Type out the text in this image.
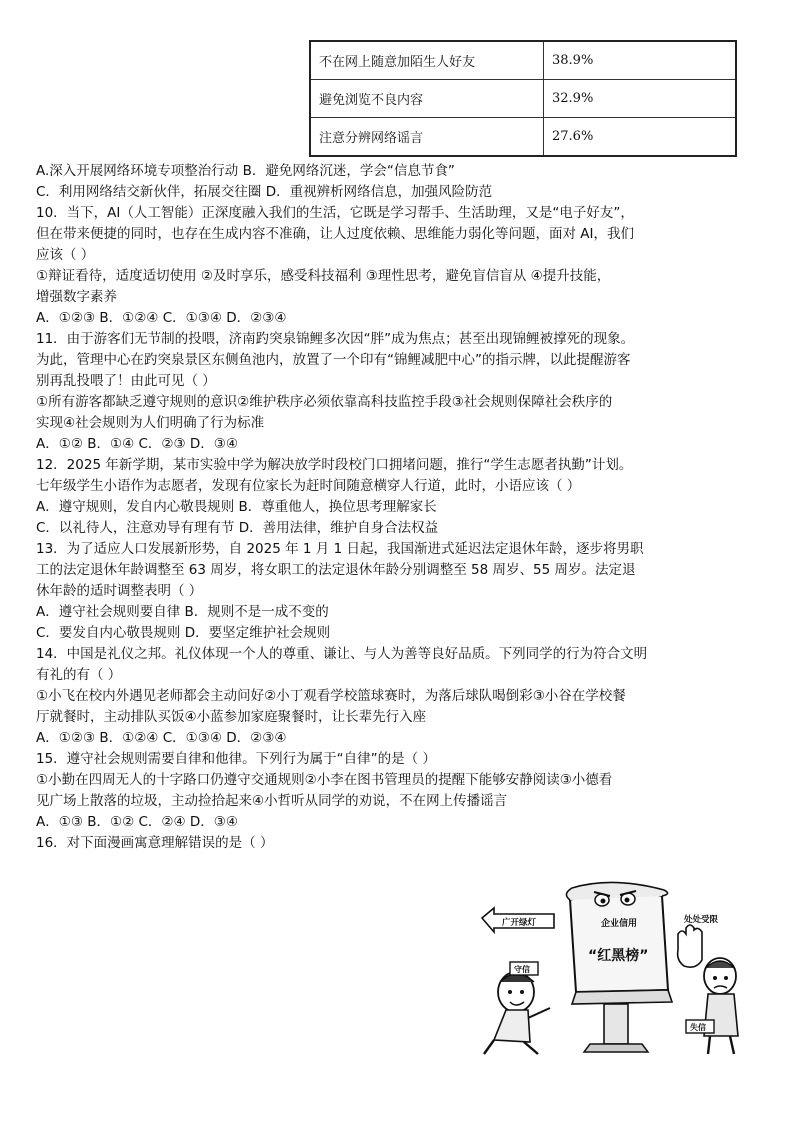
不在网上随意加陌生人好友	38.9%
避免浏览不良内容	32.9%
注意分辨网络谣言	27.6%

A.深入开展网络环境专项整治行动 B．避免网络沉迷，学会“信息节食”

C．利用网络结交新伙伴，拓展交往圈 D．重视辨析网络信息，加强风险防范

10．当下，AI（人工智能）正深度融入我们的生活，它既是学习帮手、生活助理，又是“电子好友”，

但在带来便捷的同时，也存在生成内容不准确，让人过度依赖、思维能力弱化等问题，面对 AI，我们

应该（ ）

①辩证看待，适度适切使用 ②及时享乐，感受科技福利 ③理性思考，避免盲信盲从 ④提升技能，

增强数字素养

A．①②③ B．①②④ C．①③④ D．②③④

11．由于游客们无节制的投喂，济南趵突泉锦鲤多次因“胖”成为焦点；甚至出现锦鲤被撑死的现象。

为此，管理中心在趵突泉景区东侧鱼池内，放置了一个印有“锦鲤减肥中心”的指示牌，以此提醒游客

别再乱投喂了！由此可见（ ）

①所有游客都缺乏遵守规则的意识②维护秩序必须依靠高科技监控手段③社会规则保障社会秩序的

实现④社会规则为人们明确了行为标准

A．①② B．①④ C．②③ D．③④

12．2025 年新学期，某市实验中学为解决放学时段校门口拥堵问题，推行“学生志愿者执勤”计划。

七年级学生小语作为志愿者，发现有位家长为赶时间随意横穿人行道，此时，小语应该（ ）

A．遵守规则，发自内心敬畏规则 B．尊重他人，换位思考理解家长

C．以礼待人，注意劝导有理有节 D．善用法律，维护自身合法权益

13．为了适应人口发展新形势，自 2025 年 1 月 1 日起，我国渐进式延迟法定退休年龄，逐步将男职

工的法定退休年龄调整至 63 周岁，将女职工的法定退休年龄分别调整至 58 周岁、55 周岁。法定退

休年龄的适时调整表明（ ）

A．遵守社会规则要自律 B．规则不是一成不变的

C．要发自内心敬畏规则 D．要坚定维护社会规则

14．中国是礼仪之邦。礼仪体现一个人的尊重、谦让、与人为善等良好品质。下列同学的行为符合文明

有礼的有（ ）

①小飞在校内外遇见老师都会主动问好②小丁观看学校篮球赛时，为落后球队喝倒彩③小谷在学校餐

厅就餐时，主动排队买饭④小蓝参加家庭聚餐时，让长辈先行入座

A．①②③ B．①②④ C．①③④ D．②③④

15．遵守社会规则需要自律和他律。下列行为属于“自律”的是（ ）

①小勤在四周无人的十字路口仍遵守交通规则②小李在图书管理员的提醒下能够安静阅读③小德看

见广场上散落的垃圾，主动捡拾起来④小哲听从同学的劝说，不在网上传播谣言

A．①③ B．①② C．②④ D．③④

16．对下面漫画寓意理解错误的是（ ）

企业信用
“红黑榜”
广开绿灯	处处受限
守信
失信
